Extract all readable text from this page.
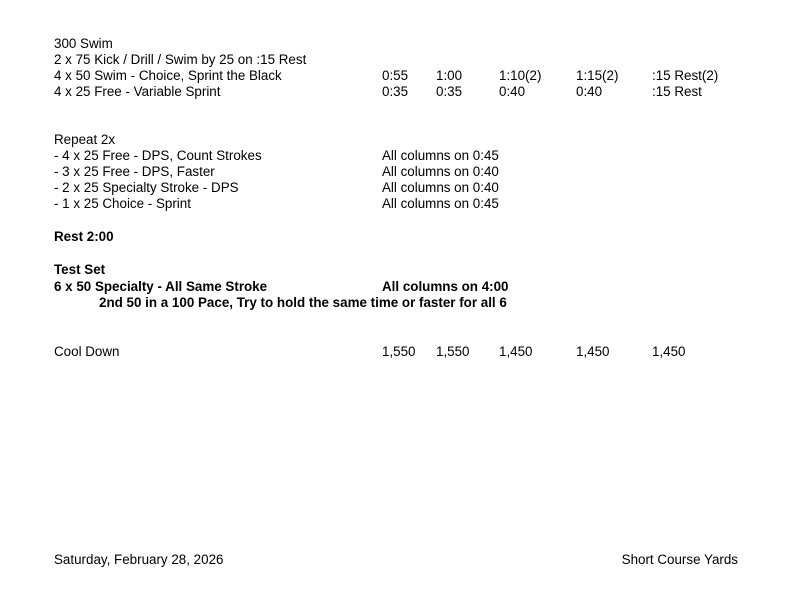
300 Swim
2 x 75 Kick / Drill / Swim by 25 on :15 Rest
4 x 50 Swim - Choice, Sprint the Black	0:55 1:00	1:10(2)	1:15(2)	:15 Rest(2)
4 x 25 Free - Variable Sprint	0:35 0:35	0:40	0:40	:15 Rest
Repeat 2x
- 4 x 25 Free - DPS, Count Strokes	All columns on 0:45
- 3 x 25 Free - DPS, Faster	All columns on 0:40
- 2 x 25 Specialty Stroke - DPS	All columns on 0:40
- 1 x 25 Choice - Sprint	All columns on 0:45
Rest 2:00
Test Set
6 x 50 Specialty - All Same Stroke	All columns on 4:00
2nd 50 in a 100 Pace, Try to hold the same time or faster for all 6
Cool Down	1,550 1,550 1,450	1,450	1,450
Saturday, February 28, 2026	Short Course Yards
